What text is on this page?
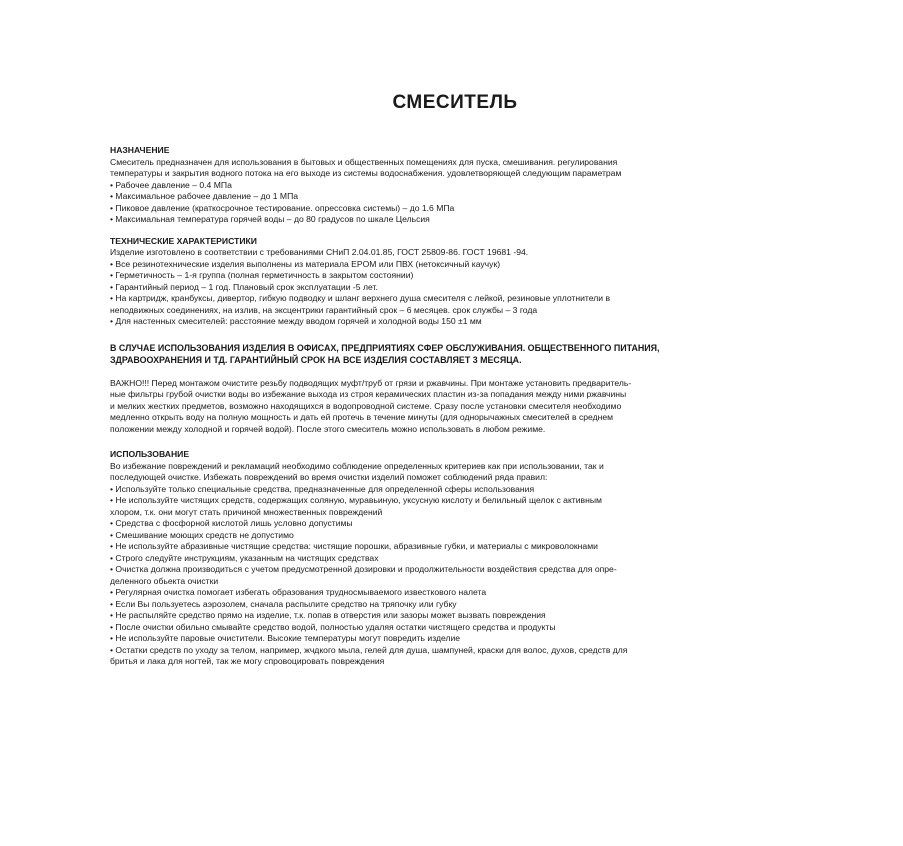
СМЕСИТЕЛЬ

НАЗНАЧЕНИЕ

Смеситель предназначен для использования в бытовых и общественных помещениях для пуска, смешивания. регулирования

температуры и закрытия водного потока на его выходе из системы водоснабжения. удовлетворяющей следующим параметрам

• Рабочее давление – 0.4 МПа

• Максимальное рабочее давление – до 1 МПа

• Пиковое давление (краткосрочное тестирование. опрессовка системы) – до 1.6 МПа

• Максимальная температура горячей воды – до 80 градусов по шкале Цельсия

ТЕХНИЧЕСКИЕ ХАРАКТЕРИСТИКИ

Изделие изготовлено в соответствии с требованиями СНиП 2.04.01.85, ГОСТ 25809-86. ГОСТ 19681 -94.

• Все резинотехнические изделия выполнены из материала EPOM или ПВХ (нетоксичный каучук)

• Герметичность – 1-я группа (полная герметичность в закрытом состоянии)

• Гарантийный период – 1 год. Плановый срок эксплуатации -5 лет.

• На картридж, кранбуксы, дивертор, гибкую подводку и шланг верхнего душа смесителя с лейкой, резиновые уплотнители в

неподвижных соединениях, на излив, на эксцентрики гарантийный срок – 6 месяцев. срок службы – 3 года

• Для настенных смесителей: расстояние между вводом горячей и холодной воды 150 ±1 мм

В СЛУЧАЕ ИСПОЛЬЗОВАНИЯ ИЗДЕЛИЯ В ОФИСАХ, ПРЕДПРИЯТИЯХ СФЕР ОБСЛУЖИВАНИЯ. ОБЩЕСТВЕННОГО ПИТАНИЯ,

ЗДРАВООХРАНЕНИЯ И ТД. ГАРАНТИЙНЫЙ СРОК НА ВСЕ ИЗДЕЛИЯ СОСТАВЛЯЕТ 3 МЕСЯЦА.

ВАЖНО!!! Перед монтажом очистите резьбу подводящих муфт/труб от грязи и ржавчины. При монтаже установить предваритель-

ные фильтры грубой очистки воды во избежание выхода из строя керамических пластин из-за попадания между ними ржавчины

и мелких жестких предметов, возможно находящихся в водопроводной системе. Сразу после установки смесителя необходимо

медленно открыть воду на полную мощность и дать ей протечь в течение минуты (для однорычажных смесителей в среднем

положении между холодной и горячей водой). После этого смеситель можно использовать в любом режиме.

ИСПОЛЬЗОВАНИЕ

Во избежание повреждений и рекламаций необходимо соблюдение определенных критериев как при использовании, так и

последующей очистке. Избежать повреждений во время очистки изделий поможет соблюдений ряда правил:

• Используйте только специальные средства, предназначенные для определенной сферы использования

• Не используйте чистящих средств, содержащих соляную, муравьиную, уксусную кислоту и белильный щелок с активным

хлором, т.к. они могут стать причиной множественных повреждений

• Средства с фосфорной кислотой лишь условно допустимы

• Смешивание моющих средств не допустимо

• Не используйте абразивные чистящие средства: чистящие порошки, абразивные губки, и материалы с микроволокнами

• Строго следуйте инструкциям, указанным на чистящих средствах

• Очистка должна производиться с учетом предусмотренной дозировки и продолжительности воздействия средства для опре-

деленного обьекта очистки

• Регулярная очистка помогает избегать образования трудносмываемого известкового налета

• Если Вы пользуетесь аэрозолем, сначала распылите средство на тряпочку или губку

• Не распыляйте средство прямо на изделие, т.к. попав в отверстия или зазоры может вызвать повреждения

• После очистки обильно смывайте средство водой, полностью удаляя остатки чистящего средства и продукты

• Не используйте паровые очистители. Высокие температуры могут повредить изделие

• Остатки средств по уходу за телом, например, жчдкого мыла, гелей для душа, шампуней, краски для волос, духов, средств для

бритья и лака для ногтей, так же могу спровоцировать повреждения
